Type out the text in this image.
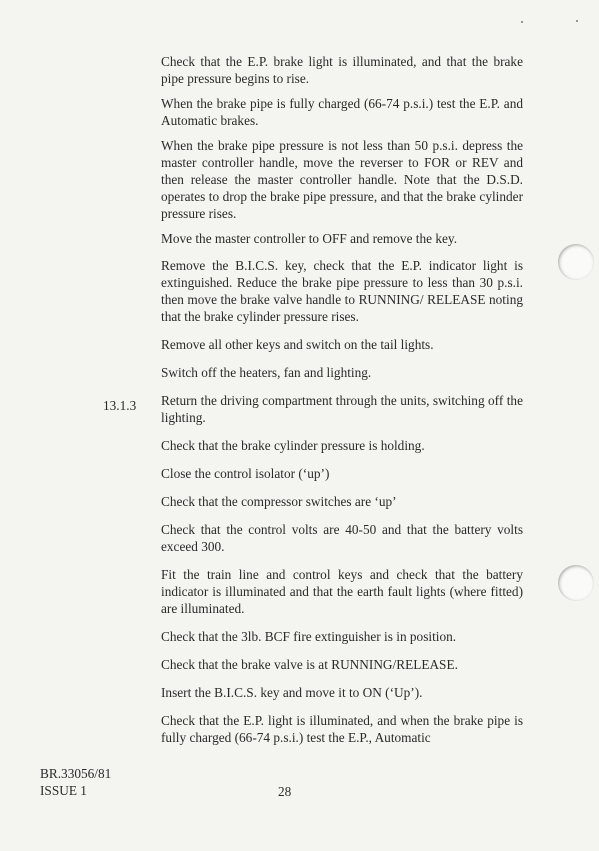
13.1.3

Check that the E.P. brake light is illuminated, and that the brake pipe pressure begins to rise.

When the brake pipe is fully charged (66-74 p.s.i.) test the E.P. and Automatic brakes.

When the brake pipe pressure is not less than 50 p.s.i. depress the master controller handle, move the reverser to FOR or REV and then release the master controller handle. Note that the D.S.D. operates to drop the brake pipe pressure, and that the brake cylinder pressure rises.

Move the master controller to OFF and remove the key.

Remove the B.I.C.S. key, check that the E.P. indicator light is extinguished. Reduce the brake pipe pressure to less than 30 p.s.i. then move the brake valve handle to RUNNING/ RELEASE noting that the brake cylinder pressure rises.

Remove all other keys and switch on the tail lights.

Switch off the heaters, fan and lighting.

Return the driving compartment through the units, switching off the lighting.

Check that the brake cylinder pressure is holding.

Close the control isolator (‘up’)

Check that the compressor switches are ‘up’

Check that the control volts are 40-50 and that the battery volts exceed 300.

Fit the train line and control keys and check that the battery indicator is illuminated and that the earth fault lights (where fitted) are illuminated.

Check that the 3lb. BCF fire extinguisher is in position.

Check that the brake valve is at RUNNING/RELEASE.

Insert the B.I.C.S. key and move it to ON (‘Up’).

Check that the E.P. light is illuminated, and when the brake pipe is fully charged (66-74 p.s.i.) test the E.P., Automatic

BR.33056/81
ISSUE 1	28
